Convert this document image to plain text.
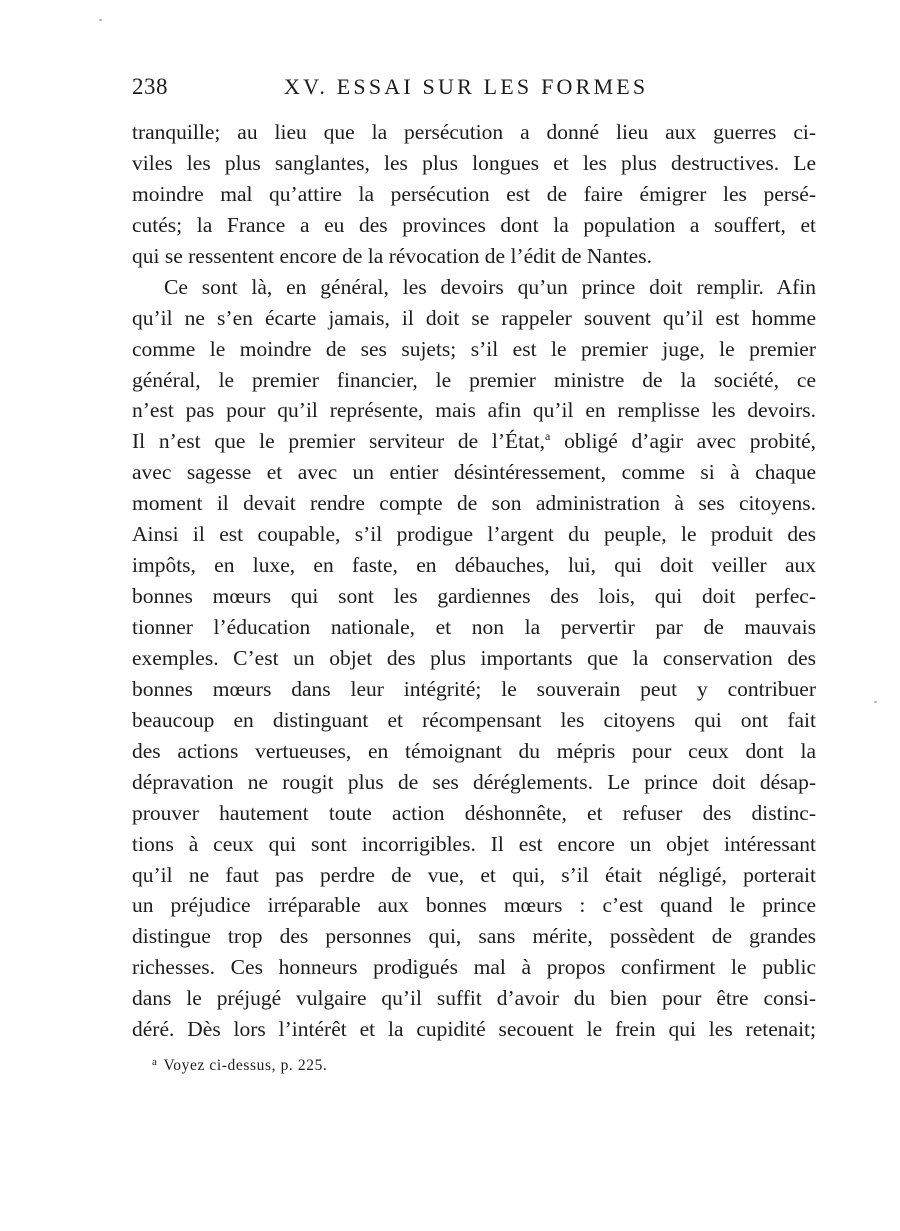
238	XV. ESSAI SUR LES FORMES
tranquille; au lieu que la persécution a donné lieu aux guerres ci-
viles les plus sanglantes, les plus longues et les plus destructives. Le
moindre mal qu’attire la persécution est de faire émigrer les persé-
cutés; la France a eu des provinces dont la population a souffert, et
qui se ressentent encore de la révocation de l’édit de Nantes.
Ce sont là, en général, les devoirs qu’un prince doit remplir. Afin
qu’il ne s’en écarte jamais, il doit se rappeler souvent qu’il est homme
comme le moindre de ses sujets; s’il est le premier juge, le premier
général, le premier financier, le premier ministre de la société, ce
n’est pas pour qu’il représente, mais afin qu’il en remplisse les devoirs.
Il n’est que le premier serviteur de l’État,$^a$ obligé d’agir avec probité,
avec sagesse et avec un entier désintéressement, comme si à chaque
moment il devait rendre compte de son administration à ses citoyens.
Ainsi il est coupable, s’il prodigue l’argent du peuple, le produit des
impôts, en luxe, en faste, en débauches, lui, qui doit veiller aux
bonnes mœurs qui sont les gardiennes des lois, qui doit perfec-
tionner l’éducation nationale, et non la pervertir par de mauvais
exemples. C’est un objet des plus importants que la conservation des
bonnes mœurs dans leur intégrité; le souverain peut y contribuer
beaucoup en distinguant et récompensant les citoyens qui ont fait
des actions vertueuses, en témoignant du mépris pour ceux dont la
dépravation ne rougit plus de ses déréglements. Le prince doit désap-
prouver hautement toute action déshonnête, et refuser des distinc-
tions à ceux qui sont incorrigibles. Il est encore un objet intéressant
qu’il ne faut pas perdre de vue, et qui, s’il était négligé, porterait
un préjudice irréparable aux bonnes mœurs : c’est quand le prince
distingue trop des personnes qui, sans mérite, possèdent de grandes
richesses. Ces honneurs prodigués mal à propos confirment le public
dans le préjugé vulgaire qu’il suffit d’avoir du bien pour être consi-
déré. Dès lors l’intérêt et la cupidité secouent le frein qui les retenait;
$^a$ Voyez ci-dessus, p. 225.
